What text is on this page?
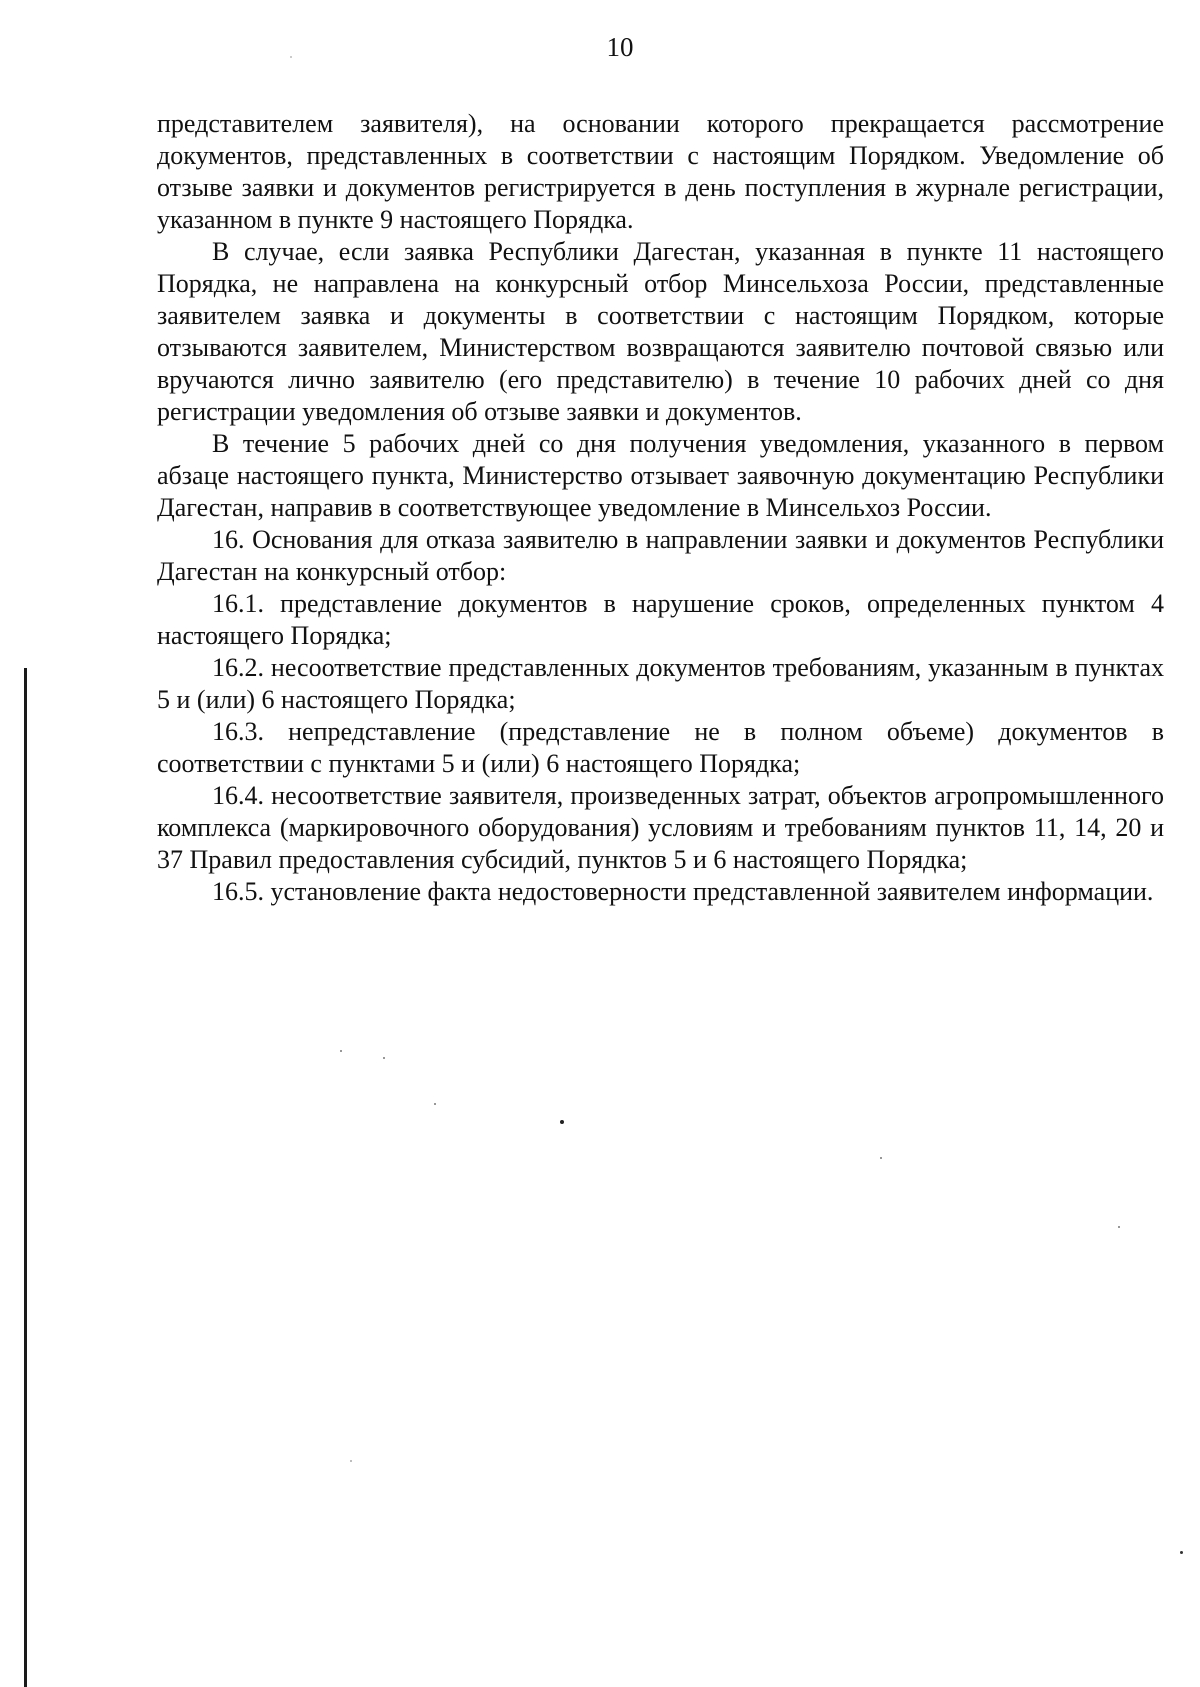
10

представителем заявителя), на основании которого прекращается рассмотрение документов, представленных в соответствии с настоящим Порядком. Уведомление об отзыве заявки и документов регистрируется в день поступления в журнале регистрации, указанном в пункте 9 настоящего Порядка.

В случае, если заявка Республики Дагестан, указанная в пункте 11 настоящего Порядка, не направлена на конкурсный отбор Минсельхоза России, представленные заявителем заявка и документы в соответствии с настоящим Порядком, которые отзываются заявителем, Министерством возвращаются заявителю почтовой связью или вручаются лично заявителю (его представителю) в течение 10 рабочих дней со дня регистрации уведомления об отзыве заявки и документов.

В течение 5 рабочих дней со дня получения уведомления, указанного в первом абзаце настоящего пункта, Министерство отзывает заявочную документацию Республики Дагестан, направив в соответствующее уведомление в Минсельхоз России.

16. Основания для отказа заявителю в направлении заявки и документов Республики Дагестан на конкурсный отбор:

16.1. представление документов в нарушение сроков, определенных пунктом 4 настоящего Порядка;

16.2. несоответствие представленных документов требованиям, указанным в пунктах 5 и (или) 6 настоящего Порядка;

16.3. непредставление (представление не в полном объеме) документов в соответствии с пунктами 5 и (или) 6 настоящего Порядка;

16.4. несоответствие заявителя, произведенных затрат, объектов агропромышленного комплекса (маркировочного оборудования) условиям и требованиям пунктов 11, 14, 20 и 37 Правил предоставления субсидий, пунктов 5 и 6 настоящего Порядка;

16.5. установление факта недостоверности представленной заявителем информации.
